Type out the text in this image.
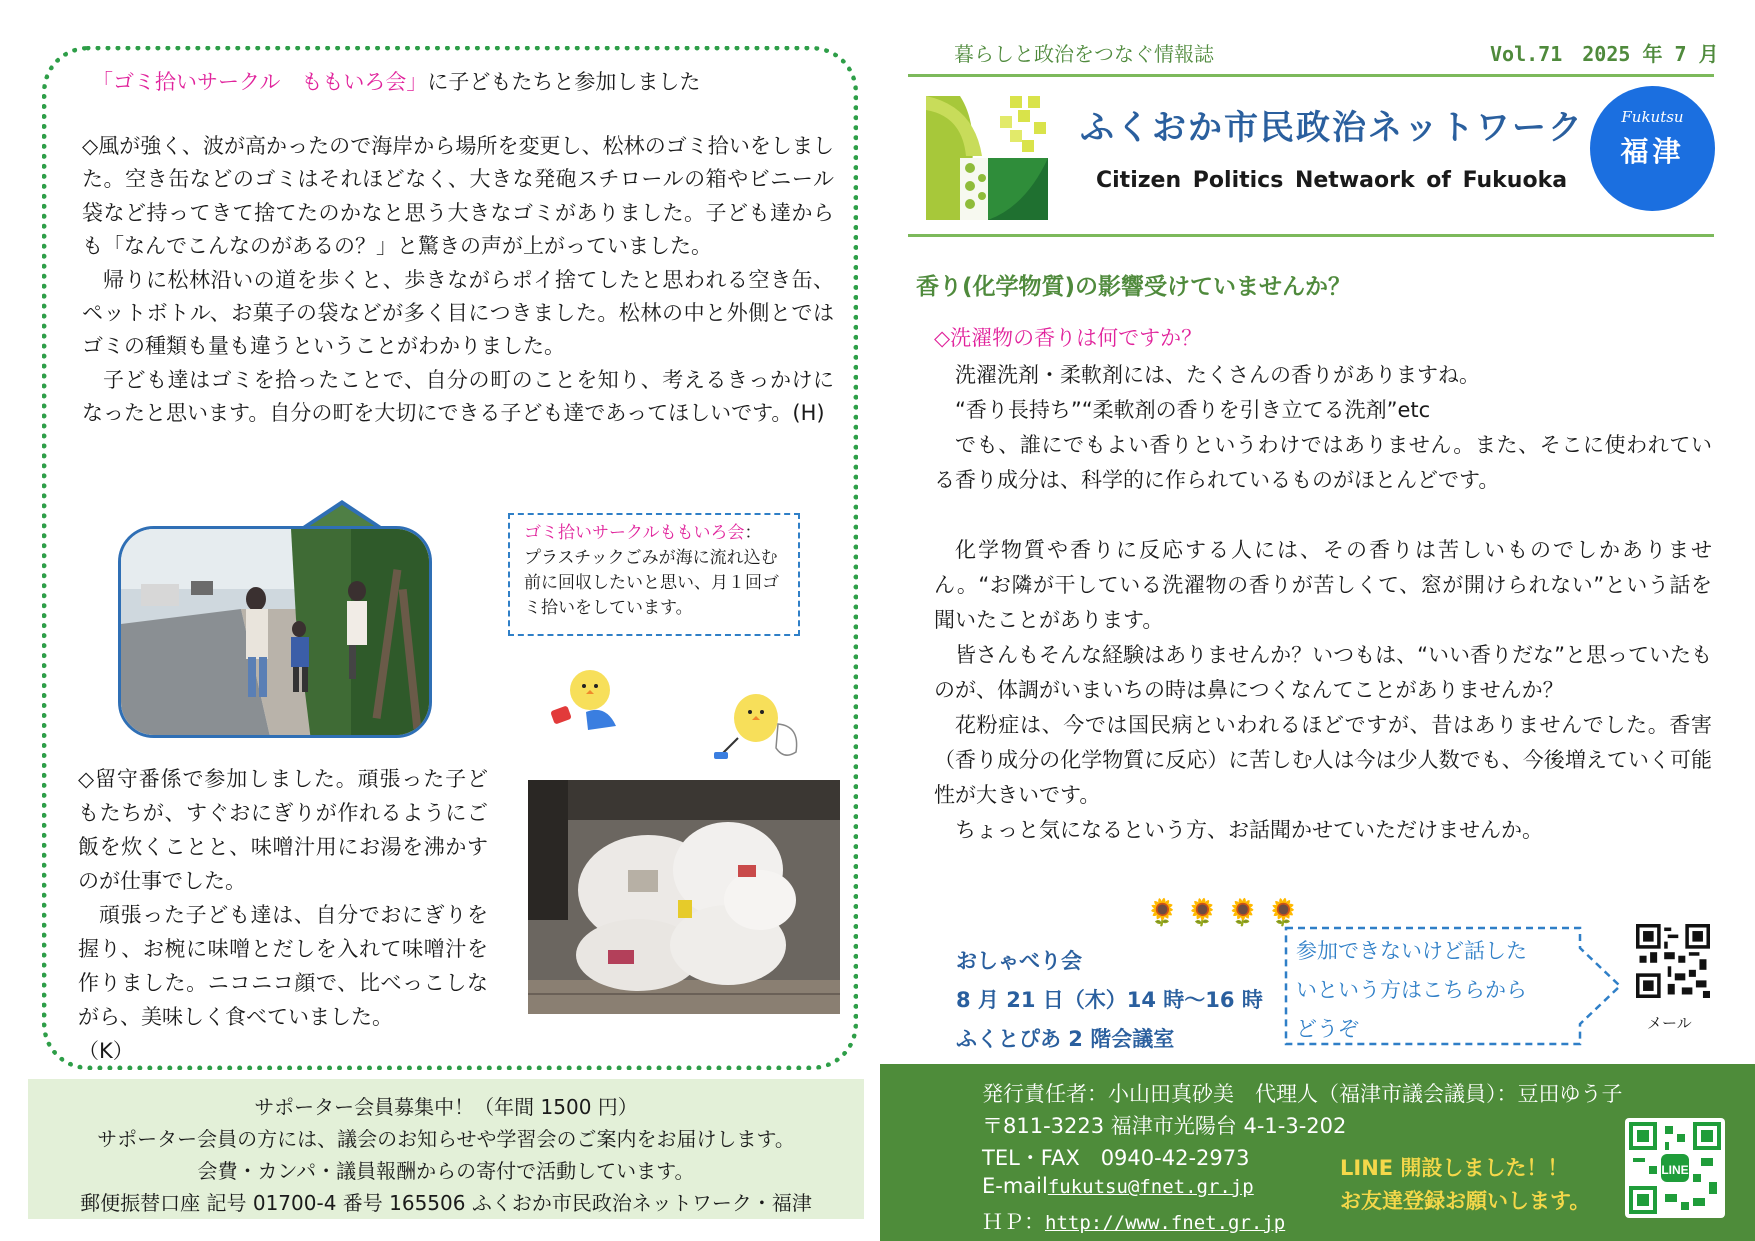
「ゴミ拾いサークル　ももいろ会」に子どもたちと参加しました

◇風が強く、波が高かったので海岸から場所を変更し、松林のゴミ拾いをしました。空き缶などのゴミはそれほどなく、大きな発砲スチロールの箱やビニール袋など持ってきて捨てたのかなと思う大きなゴミがありました。子ども達からも「なんでこんなのがあるの？」と驚きの声が上がっていました。

帰りに松林沿いの道を歩くと、歩きながらポイ捨てしたと思われる空き缶、ペットボトル、お菓子の袋などが多く目につきました。松林の中と外側とではゴミの種類も量も違うということがわかりました。

子ども達はゴミを拾ったことで、自分の町のことを知り、考えるきっかけになったと思います。自分の町を大切にできる子ども達であってほしいです。(H)

ゴミ拾いサークルももいろ会：
プラスチックごみが海に流れ込む前に回収したいと思い、月１回ゴミ拾いをしています。

◇留守番係で参加しました。頑張った子どもたちが、すぐおにぎりが作れるようにご飯を炊くことと、味噌汁用にお湯を沸かすのが仕事でした。

頑張った子ども達は、自分でおにぎりを握り、お椀に味噌とだしを入れて味噌汁を作りました。ニコニコ顔で、比べっこしながら、美味しく食べていました。

（K）

サポーター会員募集中！（年間 1500 円）
サポーター会員の方には、議会のお知らせや学習会のご案内をお届けします。
会費・カンパ・議員報酬からの寄付で活動しています。
郵便振替口座 記号 01700-4 番号 165506 ふくおか市民政治ネットワーク・福津
暮らしと政治をつなぐ情報誌	Vol.71　2025 年 7 月
ふくおか市民政治ネットワーク
Citizen Politics Netwaork of Fukuoka
Fukutsu
福津
香り(化学物質)の影響受けていませんか？
◇洗濯物の香りは何ですか？

洗濯洗剤・柔軟剤には、たくさんの香りがありますね。

“香り長持ち”“柔軟剤の香りを引き立てる洗剤”etc

でも、誰にでもよい香りというわけではありません。また、そこに使われている香り成分は、科学的に作られているものがほとんどです。

化学物質や香りに反応する人には、その香りは苦しいものでしかありません。“お隣が干している洗濯物の香りが苦しくて、窓が開けられない”という話を聞いたことがあります。

皆さんもそんな経験はありませんか？いつもは、“いい香りだな”と思っていたものが、体調がいまいちの時は鼻につくなんてことがありませんか？

花粉症は、今では国民病といわれるほどですが、昔はありませんでした。香害（香り成分の化学物質に反応）に苦しむ人は今は少人数でも、今後増えていく可能性が大きいです。

ちょっと気になるという方、お話聞かせていただけませんか。

🌻🌻🌻🌻
おしゃべり会
8 月 21 日（木）14 時～16 時
ふくとぴあ 2 階会議室
参加できないけど話した
いという方はこちらから
どうぞ	メール
発行責任者：小山田真砂美　代理人（福津市議会議員）：豆田ゆう子
〒811-3223 福津市光陽台 4-1-3-202
TEL・FAX　0940-42-2973
E-mailfukutsu@fnet.gr.jp
ＨＰ：http://www.fnet.gr.jp
LINE 開設しました！！
お友達登録お願いします。
LINE
